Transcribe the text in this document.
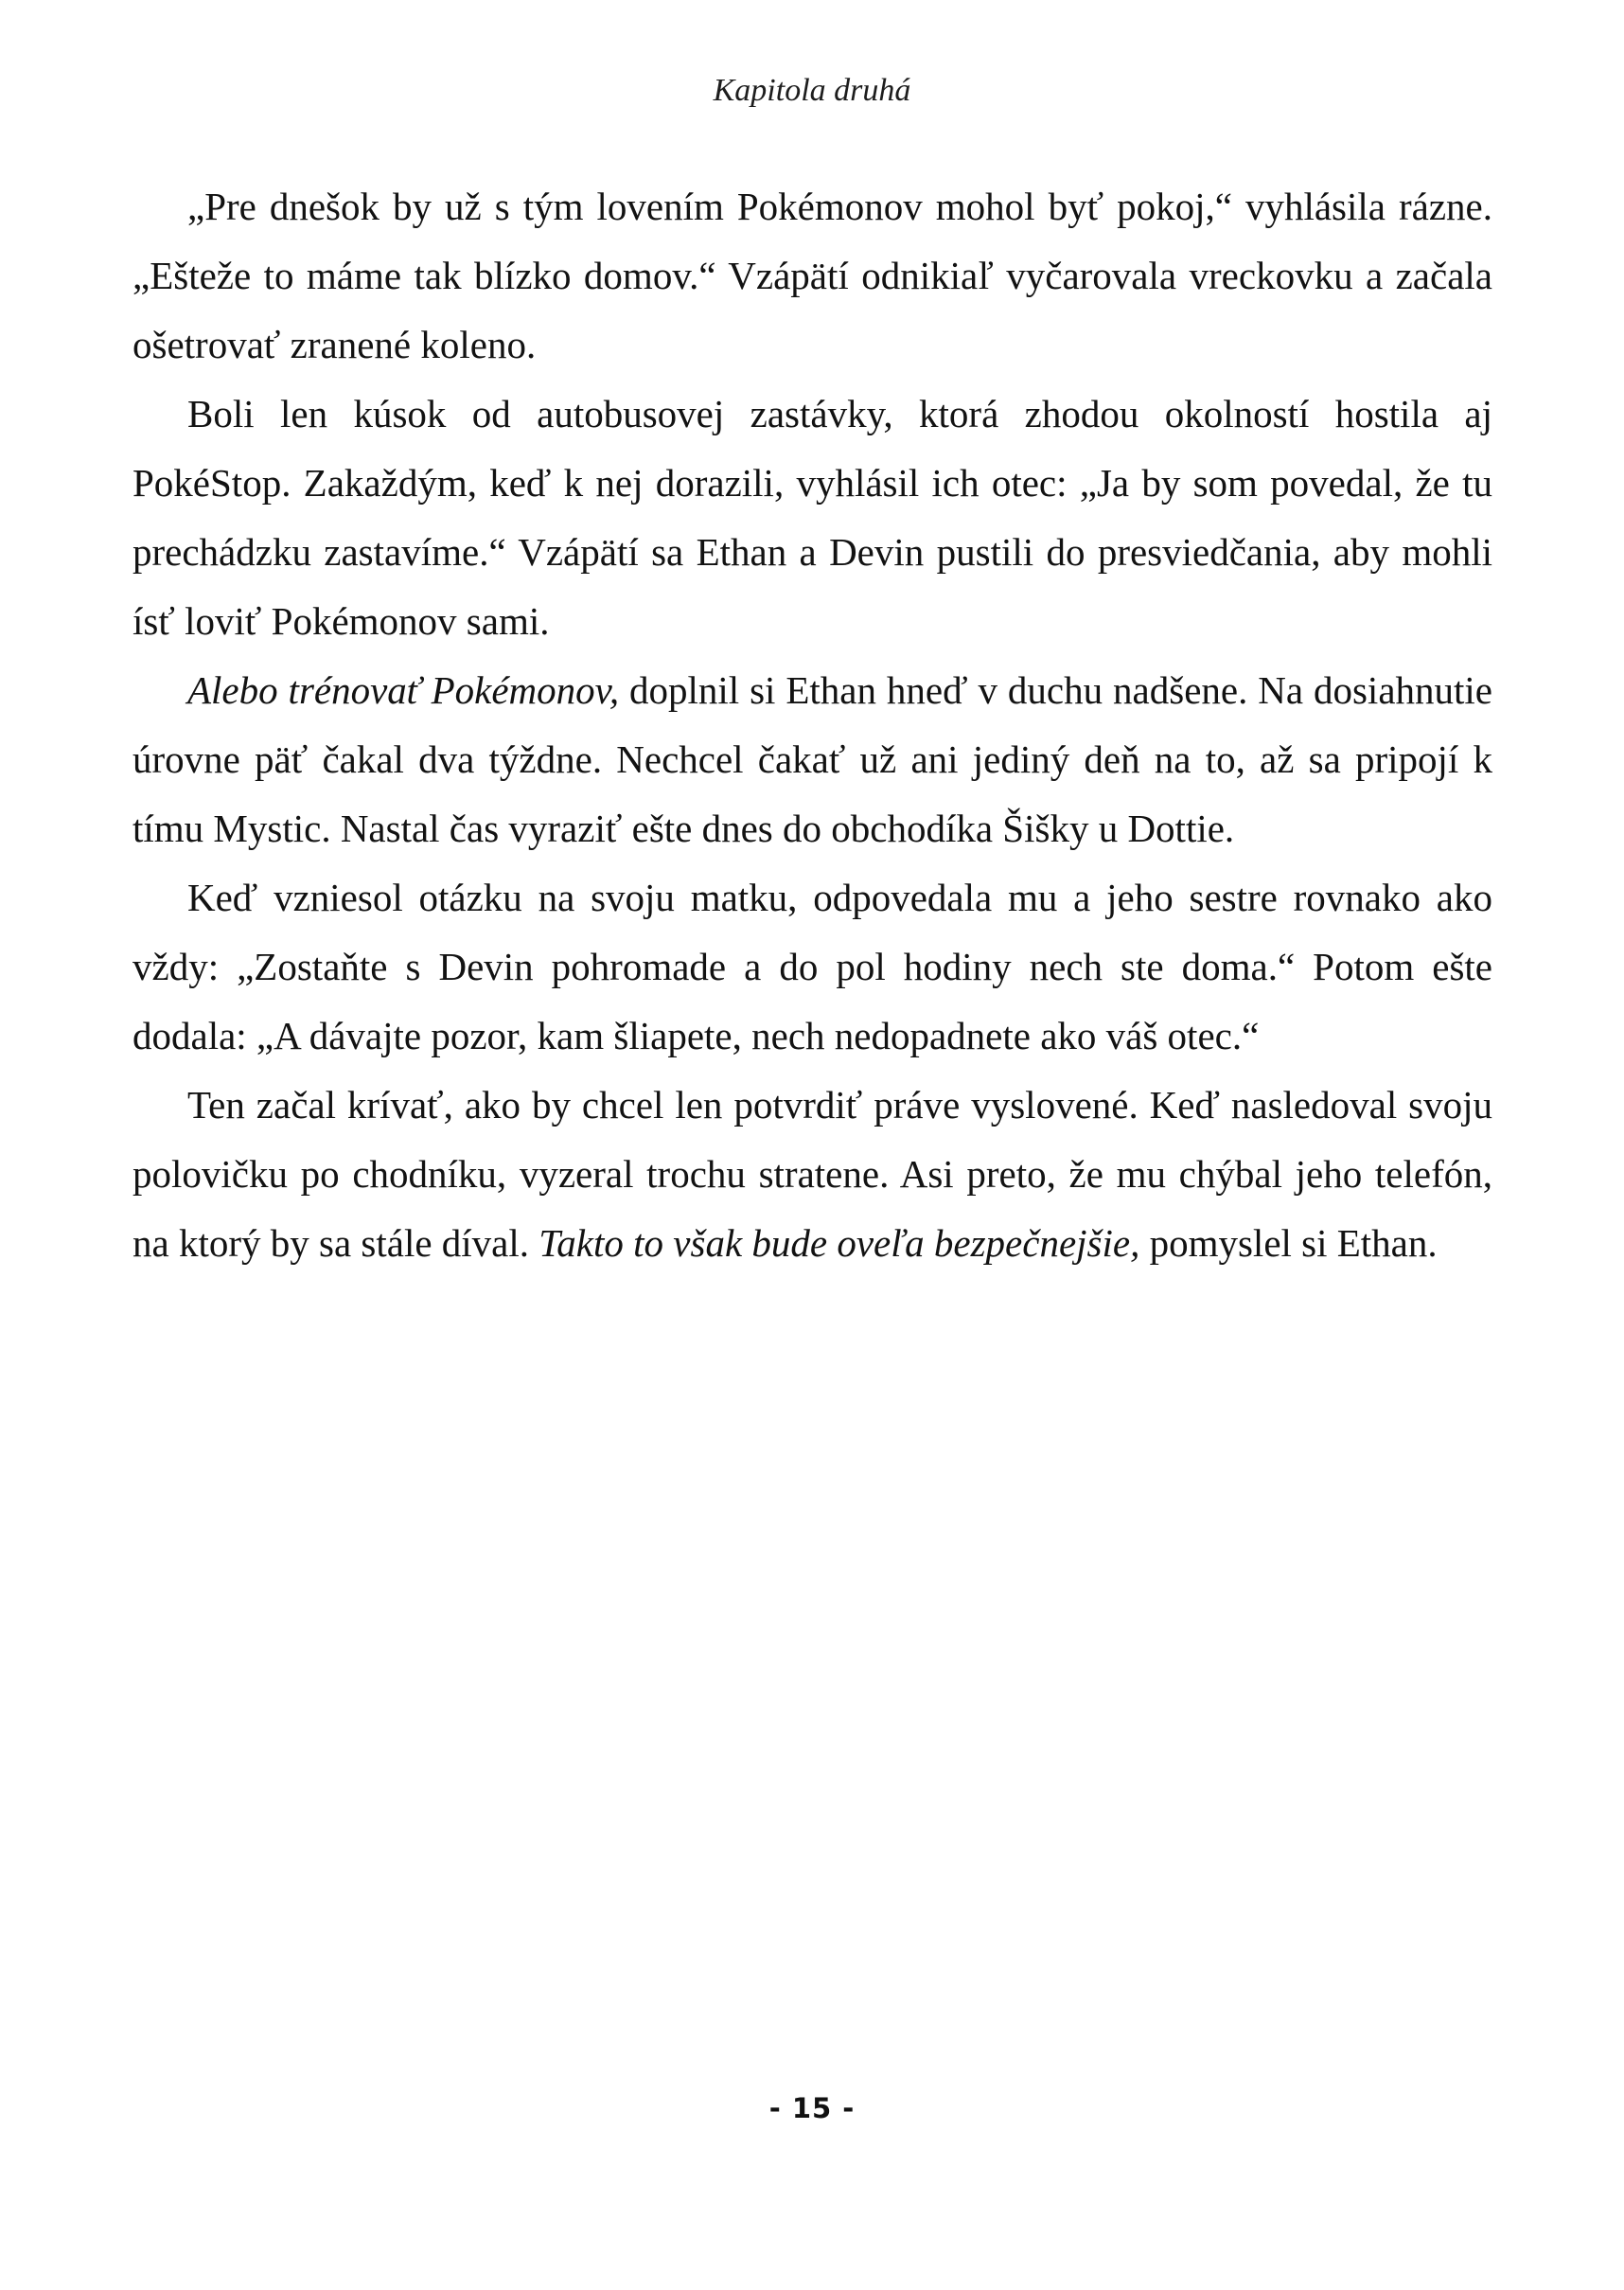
Kapitola druhá

„Pre dnešok by už s tým lovením Pokémonov mohol byť pokoj,“ vyhlásila rázne. „Ešteže to máme tak blízko domov.“ Vzápätí odnikiaľ vyčarovala vreckovku a začala ošetrovať zranené koleno.

Boli len kúsok od autobusovej zastávky, ktorá zhodou okolností hostila aj PokéStop. Zakaždým, keď k nej dorazili, vyhlásil ich otec: „Ja by som povedal, že tu prechádzku zastavíme.“ Vzápätí sa Ethan a Devin pustili do presviedčania, aby mohli ísť loviť Pokémonov sami.

Alebo trénovať Pokémonov, doplnil si Ethan hneď v duchu nadšene. Na dosiahnutie úrovne päť čakal dva týždne. Nechcel čakať už ani jediný deň na to, až sa pripojí k tímu Mystic. Nastal čas vyraziť ešte dnes do obchodíka Šišky u Dottie.

Keď vzniesol otázku na svoju matku, odpovedala mu a jeho sestre rovnako ako vždy: „Zostaňte s Devin pohromade a do pol hodiny nech ste doma.“ Potom ešte dodala: „A dávajte pozor, kam šliapete, nech nedopadnete ako váš otec.“

Ten začal krívať, ako by chcel len potvrdiť práve vyslovené. Keď nasledoval svoju polovičku po chodníku, vyzeral trochu stratene. Asi preto, že mu chýbal jeho telefón, na ktorý by sa stále díval. Takto to však bude oveľa bezpečnejšie, pomyslel si Ethan.

- 15 -
